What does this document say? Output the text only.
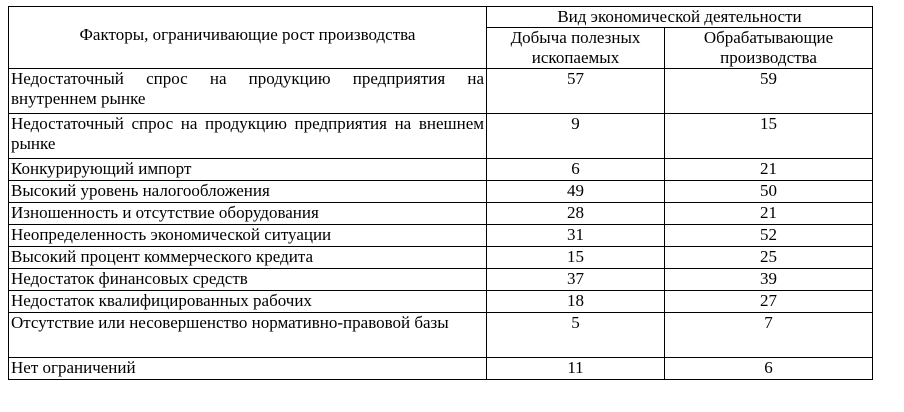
Факторы, ограничивающие рост производства	Вид экономической деятельности	
	Добыча полезных ископаемых	Обрабатывающие производства
Недостаточный спрос на продукцию предприятия на внутреннем рынке	57	59
Недостаточный спрос на продукцию предприятия на внешнем рынке	9	15
Конкурирующий импорт	6	21
Высокий уровень налогообложения	49	50
Изношенность и отсутствие оборудования	28	21
Неопределенность экономической ситуации	31	52
Высокий процент коммерческого кредита	15	25
Недостаток финансовых средств	37	39
Недостаток квалифицированных рабочих	18	27
Отсутствие или несовершенство нормативно-правовой базы	5	7
Нет ограничений	11	6
